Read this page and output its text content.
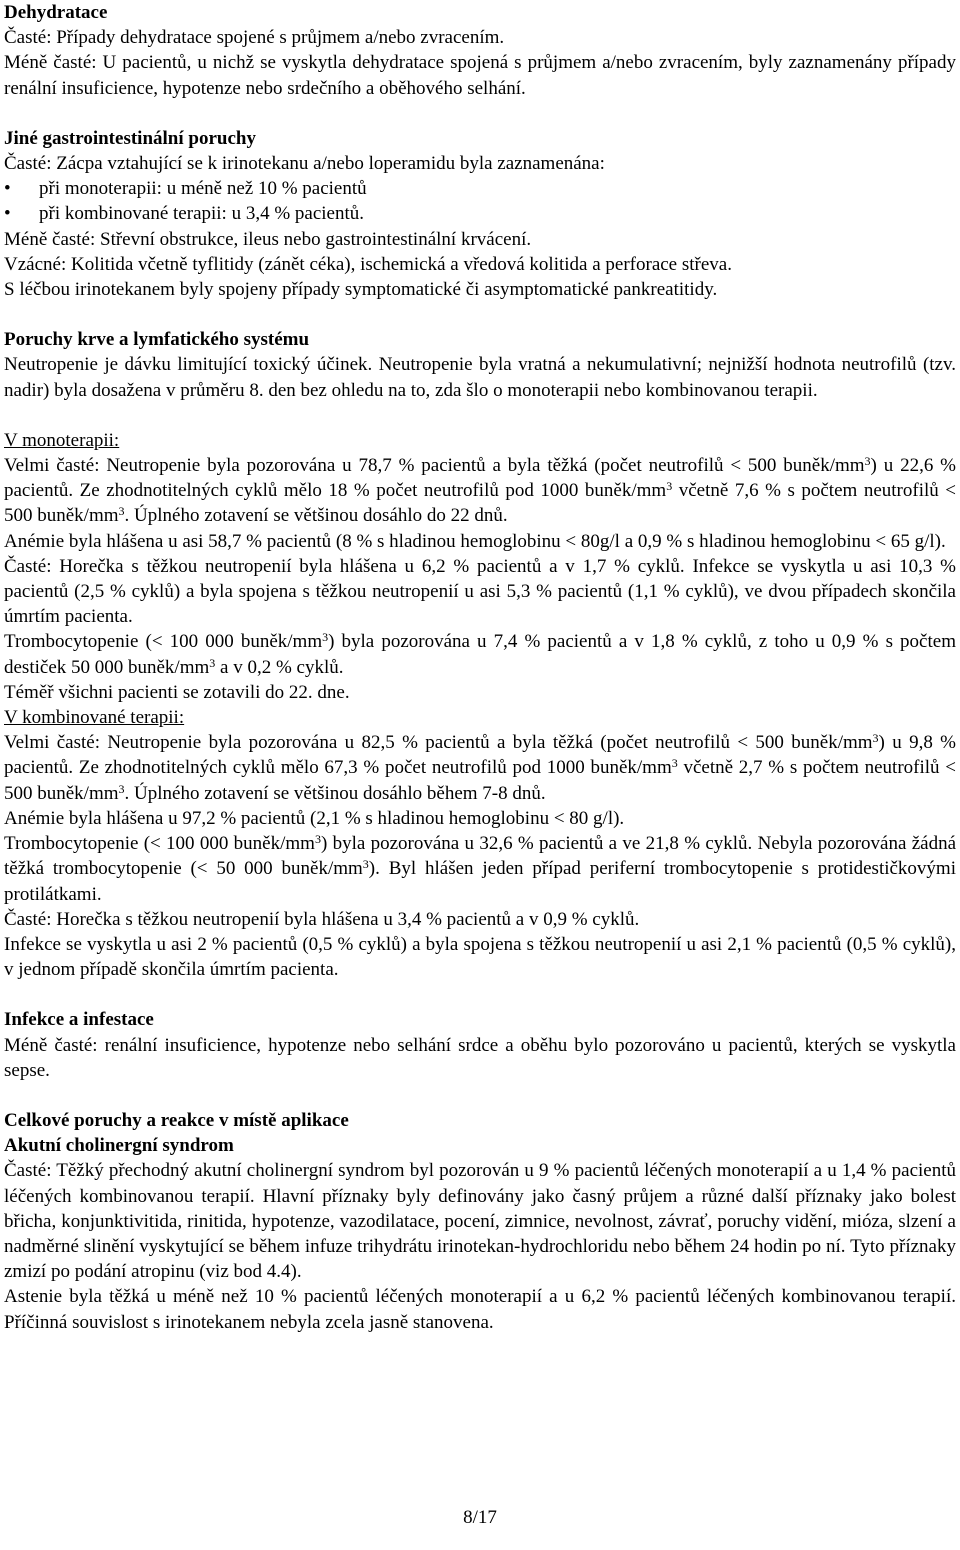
Dehydratace

Časté: Případy dehydratace spojené s průjmem a/nebo zvracením.

Méně časté: U pacientů, u nichž se vyskytla dehydratace spojená s průjmem a/nebo zvracením, byly zaznamenány případy renální insuficience, hypotenze nebo srdečního a oběhového selhání.

Jiné gastrointestinální poruchy

Časté: Zácpa vztahující se k irinotekanu a/nebo loperamidu byla zaznamenána:

• při monoterapii: u méně než 10 % pacientů
• při kombinované terapii: u 3,4 % pacientů.

Méně časté: Střevní obstrukce, ileus nebo gastrointestinální krvácení.

Vzácné: Kolitida včetně tyflitidy (zánět céka), ischemická a vředová kolitida a perforace střeva.

S léčbou irinotekanem byly spojeny případy symptomatické či asymptomatické pankreatitidy.

Poruchy krve a lymfatického systému

Neutropenie je dávku limitující toxický účinek. Neutropenie byla vratná a nekumulativní; nejnižší hodnota neutrofilů (tzv. nadir) byla dosažena v průměru 8. den bez ohledu na to, zda šlo o monoterapii nebo kombinovanou terapii.

V monoterapii:

Velmi časté: Neutropenie byla pozorována u 78,7 % pacientů a byla těžká (počet neutrofilů < 500 buněk/$mm^3$) u 22,6 % pacientů. Ze zhodnotitelných cyklů mělo 18 % počet neutrofilů pod 1000 buněk/$mm^3$ včetně 7,6 % s počtem neutrofilů < 500 buněk/$mm^3$. Úplného zotavení se většinou dosáhlo do 22 dnů.

Anémie byla hlášena u asi 58,7 % pacientů (8 % s hladinou hemoglobinu < 80g/l a 0,9 % s hladinou hemoglobinu < 65 g/l).

Časté: Horečka s těžkou neutropenií byla hlášena u 6,2 % pacientů a v 1,7 % cyklů. Infekce se vyskytla u asi 10,3 % pacientů (2,5 % cyklů) a byla spojena s těžkou neutropenií u asi 5,3 % pacientů (1,1 % cyklů), ve dvou případech skončila úmrtím pacienta.

Trombocytopenie (< 100 000 buněk/$mm^3$) byla pozorována u 7,4 % pacientů a v 1,8 % cyklů, z toho u 0,9 % s počtem destiček 50 000 buněk/$mm^3$ a v 0,2 % cyklů.

Téměř všichni pacienti se zotavili do 22. dne.

V kombinované terapii:

Velmi časté: Neutropenie byla pozorována u 82,5 % pacientů a byla těžká (počet neutrofilů < 500 buněk/$mm^3$) u 9,8 % pacientů. Ze zhodnotitelných cyklů mělo 67,3 % počet neutrofilů pod 1000 buněk/$mm^3$ včetně 2,7 % s počtem neutrofilů < 500 buněk/$mm^3$. Úplného zotavení se většinou dosáhlo během 7-8 dnů.

Anémie byla hlášena u 97,2 % pacientů (2,1 % s hladinou hemoglobinu < 80 g/l).

Trombocytopenie (< 100 000 buněk/$mm^3$) byla pozorována u 32,6 % pacientů a ve 21,8 % cyklů. Nebyla pozorována žádná těžká trombocytopenie (< 50 000 buněk/$mm^3$). Byl hlášen jeden případ periferní trombocytopenie s protidestičkovými protilátkami.

Časté: Horečka s těžkou neutropenií byla hlášena u 3,4 % pacientů a v 0,9 % cyklů.

Infekce se vyskytla u asi 2 % pacientů (0,5 % cyklů) a byla spojena s těžkou neutropenií u asi 2,1 % pacientů (0,5 % cyklů), v jednom případě skončila úmrtím pacienta.

Infekce a infestace

Méně časté: renální insuficience, hypotenze nebo selhání srdce a oběhu bylo pozorováno u pacientů, kterých se vyskytla sepse.

Celkové poruchy a reakce v místě aplikace

Akutní cholinergní syndrom

Časté: Těžký přechodný akutní cholinergní syndrom byl pozorován u 9 % pacientů léčených monoterapií a u 1,4 % pacientů léčených kombinovanou terapií. Hlavní příznaky byly definovány jako časný průjem a různé další příznaky jako bolest břicha, konjunktivitida, rinitida, hypotenze, vazodilatace, pocení, zimnice, nevolnost, závrať, poruchy vidění, mióza, slzení a nadměrné slinění vyskytující se během infuze trihydrátu irinotekan-hydrochloridu nebo během 24 hodin po ní. Tyto příznaky zmizí po podání atropinu (viz bod 4.4).

Astenie byla těžká u méně než 10 % pacientů léčených monoterapií a u 6,2 % pacientů léčených kombinovanou terapií. Příčinná souvislost s irinotekanem nebyla zcela jasně stanovena.

8/17
